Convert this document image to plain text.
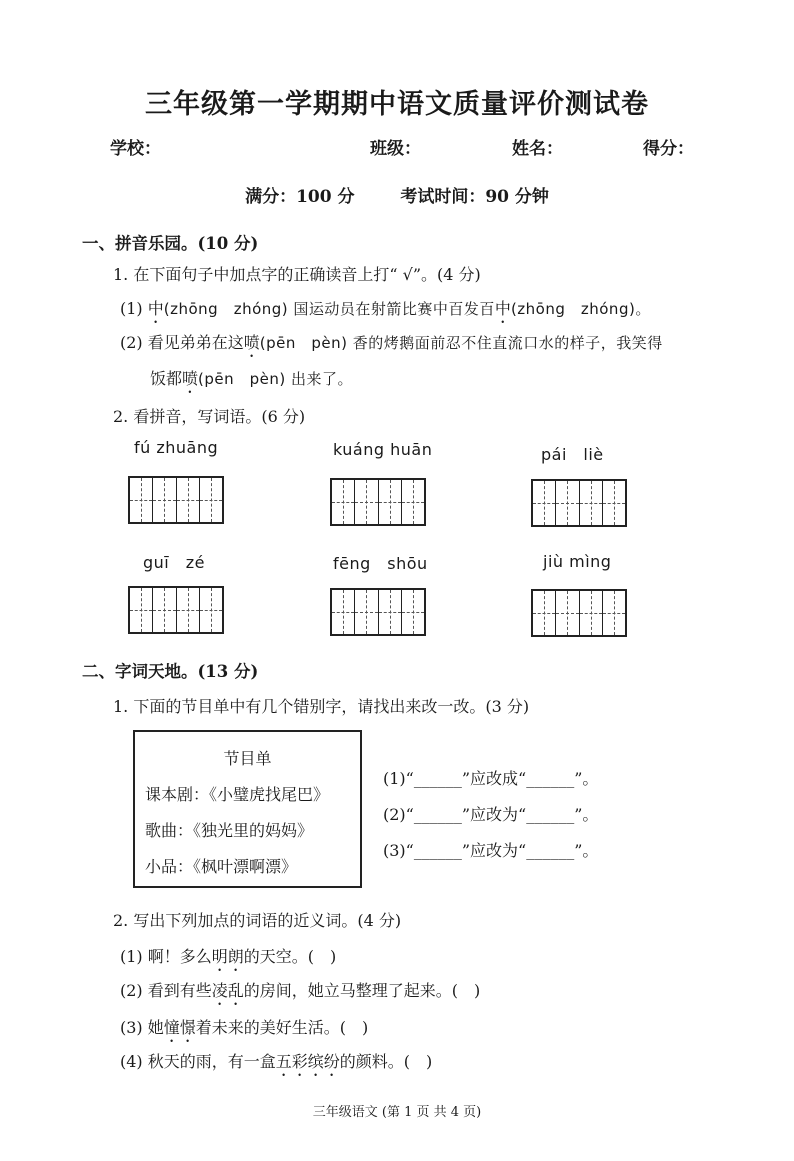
三年级第一学期期中语文质量评价测试卷
学校：	班级：	姓名：	得分：
满分：100 分	考试时间：90 分钟
一、拼音乐园。(10 分)
1. 在下面句子中加点字的正确读音上打“ √”。(4 分)
(1) 中(zhōng　zhóng) 国运动员在射箭比赛中百发百中(zhōng　zhóng)。
(2) 看见弟弟在这喷(pēn　pèn) 香的烤鹅面前忍不住直流口水的样子，我笑得
饭都喷(pēn　pèn) 出来了。
2. 看拼音，写词语。(6 分)
fú zhuāng	kuáng huān	pái　liè
guī　zé	fēng　shōu	jiù mìng
二、字词天地。(13 分)
1. 下面的节目单中有几个错别字，请找出来改一改。(3 分)
节目单
课本剧：《小璧虎找尾巴》
歌曲：《独光里的妈妈》
小品：《枫叶漂啊漂》
(1)“______”应改成“______”。
(2)“______”应改为“______”。
(3)“______”应改为“______”。
2. 写出下列加点的词语的近义词。(4 分)
(1) 啊！多么明朗的天空。(　)
(2) 看到有些凌乱的房间，她立马整理了起来。(　)
(3) 她憧憬着未来的美好生活。(　)
(4) 秋天的雨，有一盒五彩缤纷的颜料。(　)
三年级语文 (第 1 页 共 4 页)
